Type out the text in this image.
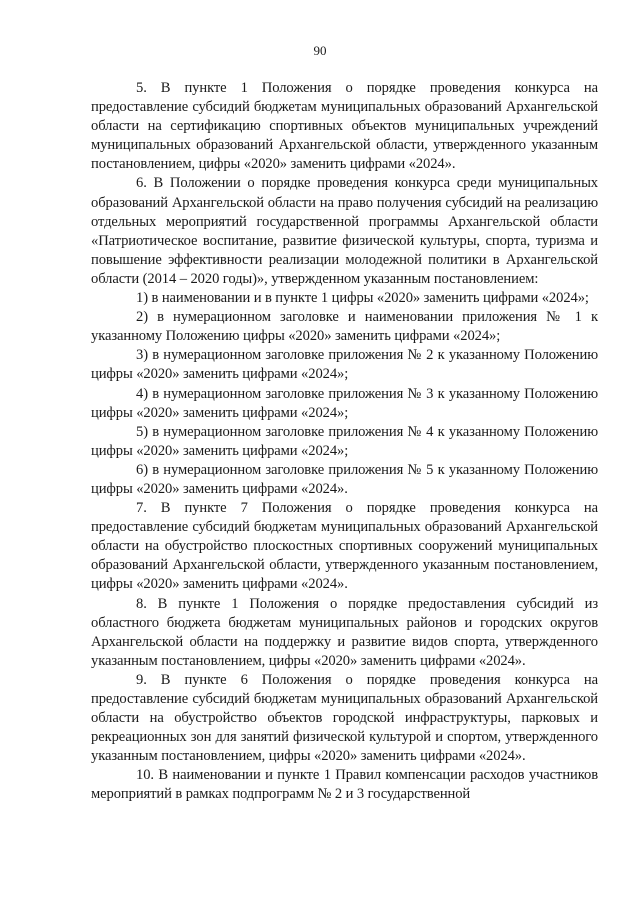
90

5. В пункте 1 Положения о порядке проведения конкурса на предоставление субсидий бюджетам муниципальных образований Архангельской области на сертификацию спортивных объектов муниципальных учреждений муниципальных образований Архангельской области, утвержденного указанным постановлением, цифры «2020» заменить цифрами «2024».

6. В Положении о порядке проведения конкурса среди муниципальных образований Архангельской области на право получения субсидий на реализацию отдельных мероприятий государственной программы Архангельской области «Патриотическое воспитание, развитие физической культуры, спорта, туризма и повышение эффективности реализации молодежной политики в Архангельской области (2014 – 2020 годы)», утвержденном указанным постановлением:

1) в наименовании и в пункте 1 цифры «2020» заменить цифрами «2024»;

2) в нумерационном заголовке и наименовании приложения № 1 к указанному Положению цифры «2020» заменить цифрами «2024»;

3) в нумерационном заголовке приложения № 2 к указанному Положению цифры «2020» заменить цифрами «2024»;

4) в нумерационном заголовке приложения № 3 к указанному Положению цифры «2020» заменить цифрами «2024»;

5) в нумерационном заголовке приложения № 4 к указанному Положению цифры «2020» заменить цифрами «2024»;

6) в нумерационном заголовке приложения № 5 к указанному Положению цифры «2020» заменить цифрами «2024».

7. В пункте 7 Положения о порядке проведения конкурса на предоставление субсидий бюджетам муниципальных образований Архангельской области на обустройство плоскостных спортивных сооружений муниципальных образований Архангельской области, утвержденного указанным постановлением, цифры «2020» заменить цифрами «2024».

8. В пункте 1 Положения о порядке предоставления субсидий из областного бюджета бюджетам муниципальных районов и городских округов Архангельской области на поддержку и развитие видов спорта, утвержденного указанным постановлением, цифры «2020» заменить цифрами «2024».

9. В пункте 6 Положения о порядке проведения конкурса на предоставление субсидий бюджетам муниципальных образований Архангельской области на обустройство объектов городской инфраструктуры, парковых и рекреационных зон для занятий физической культурой и спортом, утвержденного указанным постановлением, цифры «2020» заменить цифрами «2024».

10. В наименовании и пункте 1 Правил компенсации расходов участников мероприятий в рамках подпрограмм № 2 и 3 государственной
